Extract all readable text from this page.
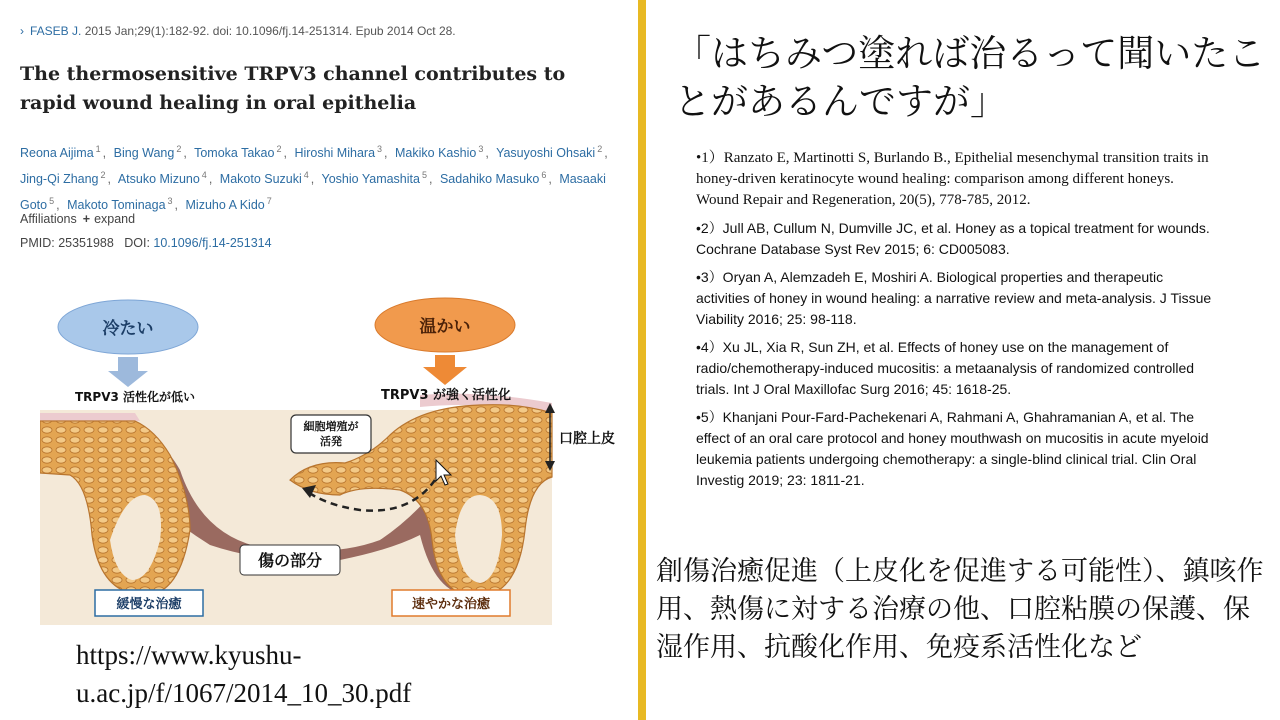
› FASEB J. 2015 Jan;29(1):182-92. doi: 10.1096/fj.14-251314. Epub 2014 Oct 28.
The thermosensitive TRPV3 channel contributes to rapid wound healing in oral epithelia
Reona Aijima $^1$ , Bing Wang $^2$ , Tomoka Takao $^2$ , Hiroshi Mihara $^3$ , Makiko Kashio $^3$ , Yasuyoshi Ohsaki $^2$ , Jing-Qi Zhang $^2$ , Atsuko Mizuno $^4$ , Makoto Suzuki $^4$ , Yoshio Yamashita $^5$ , Sadahiko Masuko $^6$ , Masaaki Goto $^5$ , Makoto Tominaga $^3$ , Mizuho A Kido $^7$
Affiliations + expand
PMID: 25351988 DOI: 10.1096/fj.14-251314
冷たい
TRPV3 活性化が低い
温かい
TRPV3 が強く活性化
細胞増殖が
活発	口腔上皮
傷の部分
緩慢な治癒	速やかな治癒
https://www.kyushu-u.ac.jp/f/1067/2014_10_30.pdf
「はちみつ塗れば治るって聞いたことがあるんですが」
•1）Ranzato E, Martinotti S, Burlando B., Epithelial mesenchymal transition traits in honey-driven keratinocyte wound healing: comparison among different honeys. Wound Repair and Regeneration, 20(5), 778-785, 2012.
•2）Jull AB, Cullum N, Dumville JC, et al. Honey as a topical treatment for wounds. Cochrane Database Syst Rev 2015; 6: CD005083.
•3）Oryan A, Alemzadeh E, Moshiri A. Biological properties and therapeutic activities of honey in wound healing: a narrative review and meta-analysis. J Tissue Viability 2016; 25: 98-118.
•4）Xu JL, Xia R, Sun ZH, et al. Effects of honey use on the management of radio/chemotherapy-induced mucositis: a metaanalysis of randomized controlled trials. Int J Oral Maxillofac Surg 2016; 45: 1618-25.
•5）Khanjani Pour-Fard-Pachekenari A, Rahmani A, Ghahramanian A, et al. The effect of an oral care protocol and honey mouthwash on mucositis in acute myeloid leukemia patients undergoing chemotherapy: a single-blind clinical trial. Clin Oral Investig 2019; 23: 1811-21.
創傷治癒促進（上皮化を促進する可能性）、鎮咳作用、熱傷に対する治療の他、口腔粘膜の保護、保湿作用、抗酸化作用、免疫系活性化など
